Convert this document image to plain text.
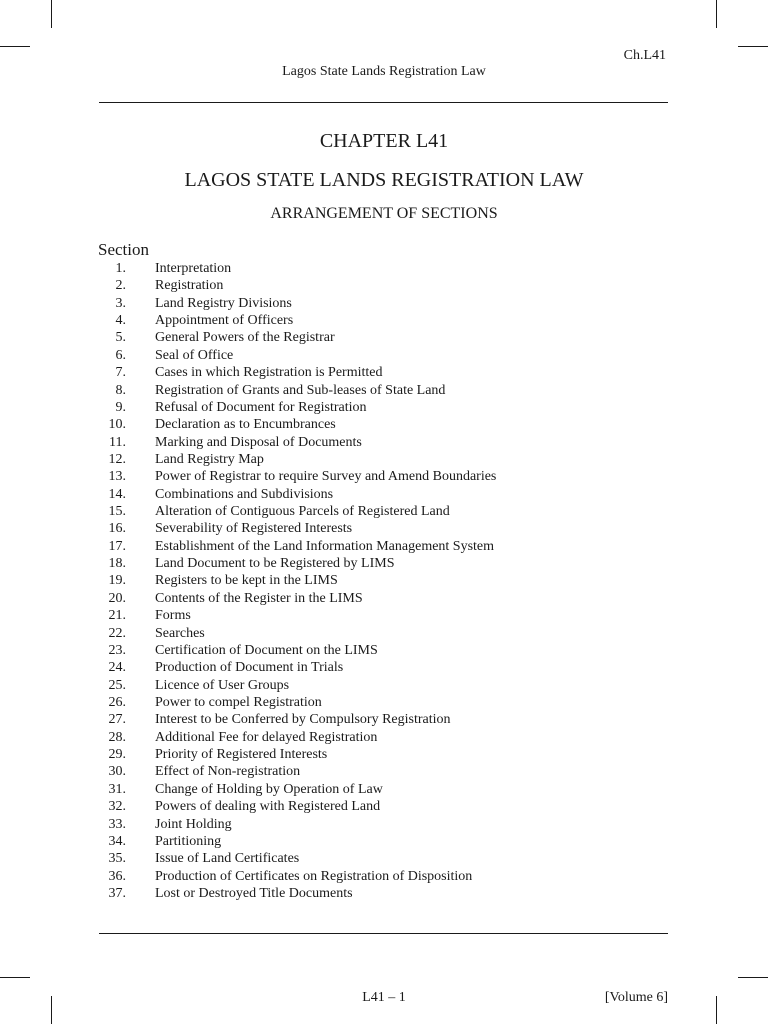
Ch.L41
Lagos State Lands Registration Law
CHAPTER L41
LAGOS STATE LANDS REGISTRATION LAW
ARRANGEMENT OF SECTIONS
Section
1. Interpretation
2. Registration
3. Land Registry Divisions
4. Appointment of Officers
5. General Powers of the Registrar
6. Seal of Office
7. Cases in which Registration is Permitted
8. Registration of Grants and Sub-leases of State Land
9. Refusal of Document for Registration
10. Declaration as to Encumbrances
11. Marking and Disposal of Documents
12. Land Registry Map
13. Power of Registrar to require Survey and Amend Boundaries
14. Combinations and Subdivisions
15. Alteration of Contiguous Parcels of Registered Land
16. Severability of Registered Interests
17. Establishment of the Land Information Management System
18. Land Document to be Registered by LIMS
19. Registers to be kept in the LIMS
20. Contents of the Register in the LIMS
21. Forms
22. Searches
23. Certification of Document on the LIMS
24. Production of Document in Trials
25. Licence of User Groups
26. Power to compel Registration
27. Interest to be Conferred by Compulsory Registration
28. Additional Fee for delayed Registration
29. Priority of Registered Interests
30. Effect of Non-registration
31. Change of Holding by Operation of Law
32. Powers of dealing with Registered Land
33. Joint Holding
34. Partitioning
35. Issue of Land Certificates
36. Production of Certificates on Registration of Disposition
37. Lost or Destroyed Title Documents
L41 – 1	[Volume 6]
